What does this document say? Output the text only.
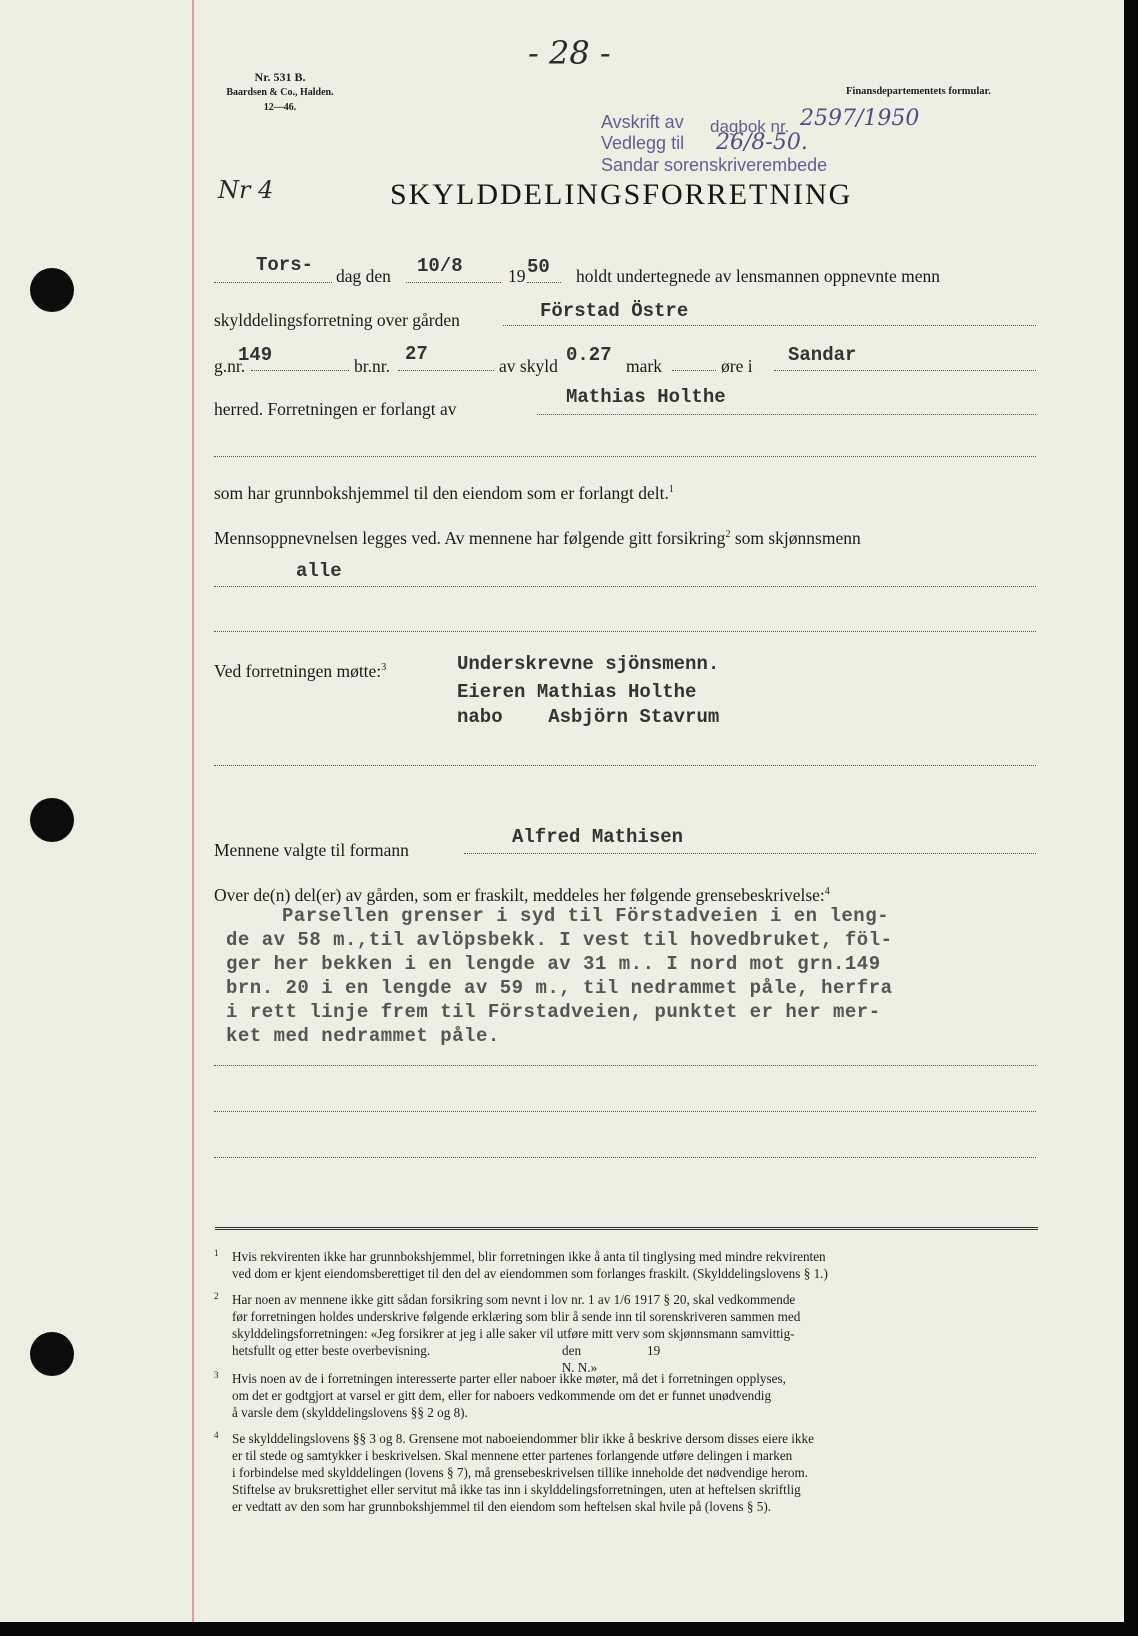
Nr. 531 B.
Baardsen & Co., Halden.
12—46.
- 28 -
Finansdepartementets formular.
Avskrift av dagbok nr. 2597/1950
Vedlegg til 26/8-50.
Sandar sorenskriverembede
Nr 4	SKYLDDELINGSFORRETNING
Tors- dag den 10/8	19 50 holdt undertegnede av lensmannen oppnevnte menn
skylddelingsforretning over gården	Förstad Östre
g.nr.
149	br.nr.
27
av skyld 0.27 mark	øre i Sandar
herred. Forretningen er forlangt av
Mathias Holthe
som har grunnbokshjemmel til den eiendom som er forlangt delt.$^1$
Mennsoppnevnelsen legges ved. Av mennene har følgende gitt forsikring$^2$ som skjønnsmenn
alle
Ved forretningen møtte:$^3$	Underskrevne sjönsmenn.
Eieren Mathias Holthe
nabo    Asbjörn Stavrum
Mennene valgte til formann
Alfred Mathisen
Over de(n) del(er) av gården, som er fraskilt, meddeles her følgende grensebeskrivelse:$^4$
Parsellen grenser i syd til Förstadveien i en leng-
de av 58 m.,til avlöpsbekk. I vest til hovedbruket, föl-
ger her bekken i en lengde av 31 m.. I nord mot grn.149
brn. 20 i en lengde av 59 m., til nedrammet påle, herfra
i rett linje frem til Förstadveien, punktet er her mer-
ket med nedrammet påle.
1 Hvis rekvirenten ikke har grunnbokshjemmel, blir forretningen ikke å anta til tinglysing med mindre rekvirenten
ved dom er kjent eiendomsberettiget til den del av eiendommen som forlanges fraskilt. (Skylddelingslovens § 1.)
2 Har noen av mennene ikke gitt sådan forsikring som nevnt i lov nr. 1 av 1/6 1917 § 20, skal vedkommende
før forretningen holdes underskrive følgende erklæring som blir å sende inn til sorenskriveren sammen med
skylddelingsforretningen: «Jeg forsikrer at jeg i alle saker vil utføre mitt verv som skjønnsmann samvittig-
hetsfullt og etter beste overbevisning.                                        den                    19
N. N.»
3 Hvis noen av de i forretningen interesserte parter eller naboer ikke møter, må det i forretningen opplyses,
om det er godtgjort at varsel er gitt dem, eller for naboers vedkommende om det er funnet unødvendig
å varsle dem (skylddelingslovens §§ 2 og 8).
4 Se skylddelingslovens §§ 3 og 8. Grensene mot naboeiendommer blir ikke å beskrive dersom disses eiere ikke
er til stede og samtykker i beskrivelsen. Skal mennene etter partenes forlangende utføre delingen i marken
i forbindelse med skylddelingen (lovens § 7), må grensebeskrivelsen tillike inneholde det nødvendige herom.
Stiftelse av bruksrettighet eller servitut må ikke tas inn i skylddelingsforretningen, uten at heftelsen skriftlig
er vedtatt av den som har grunnbokshjemmel til den eiendom som heftelsen skal hvile på (lovens § 5).
